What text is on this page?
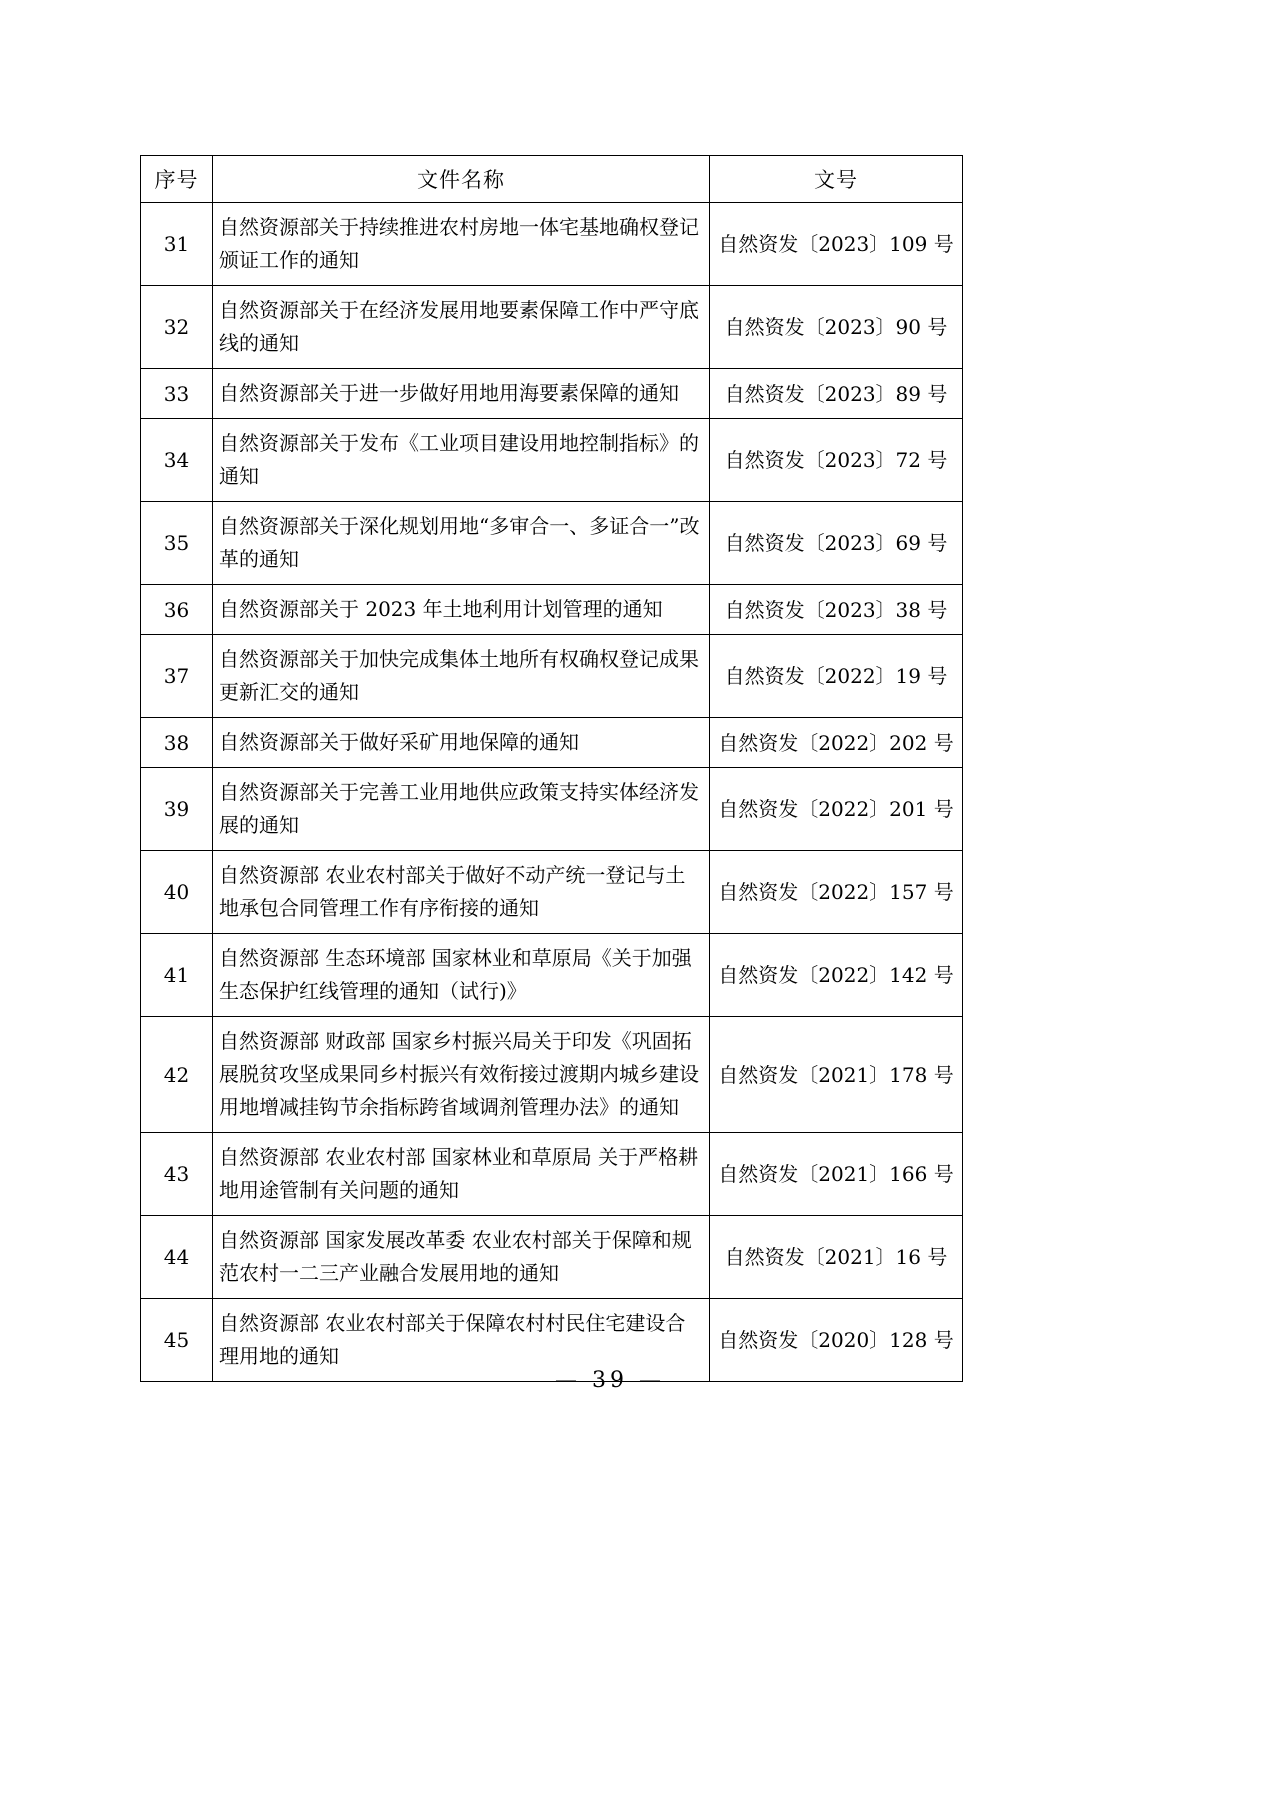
序号	文件名称	文号
31	自然资源部关于持续推进农村房地一体宅基地确权登记颁证工作的通知	自然资发〔2023〕109 号
32	自然资源部关于在经济发展用地要素保障工作中严守底线的通知	自然资发〔2023〕90 号
33	自然资源部关于进一步做好用地用海要素保障的通知	自然资发〔2023〕89 号
34	自然资源部关于发布《工业项目建设用地控制指标》的通知	自然资发〔2023〕72 号
35	自然资源部关于深化规划用地“多审合一、多证合一”改革的通知	自然资发〔2023〕69 号
36	自然资源部关于 2023 年土地利用计划管理的通知	自然资发〔2023〕38 号
37	自然资源部关于加快完成集体土地所有权确权登记成果更新汇交的通知	自然资发〔2022〕19 号
38	自然资源部关于做好采矿用地保障的通知	自然资发〔2022〕202 号
39	自然资源部关于完善工业用地供应政策支持实体经济发展的通知	自然资发〔2022〕201 号
40	自然资源部 农业农村部关于做好不动产统一登记与土地承包合同管理工作有序衔接的通知	自然资发〔2022〕157 号
41	自然资源部 生态环境部 国家林业和草原局《关于加强生态保护红线管理的通知（试行)》	自然资发〔2022〕142 号
42	自然资源部 财政部 国家乡村振兴局关于印发《巩固拓展脱贫攻坚成果同乡村振兴有效衔接过渡期内城乡建设用地增减挂钩节余指标跨省域调剂管理办法》的通知	自然资发〔2021〕178 号
43	自然资源部 农业农村部 国家林业和草原局 关于严格耕地用途管制有关问题的通知	自然资发〔2021〕166 号
44	自然资源部 国家发展改革委 农业农村部关于保障和规范农村一二三产业融合发展用地的通知	自然资发〔2021〕16 号
45	自然资源部 农业农村部关于保障农村村民住宅建设合理用地的通知	自然资发〔2020〕128 号
— 39 —
